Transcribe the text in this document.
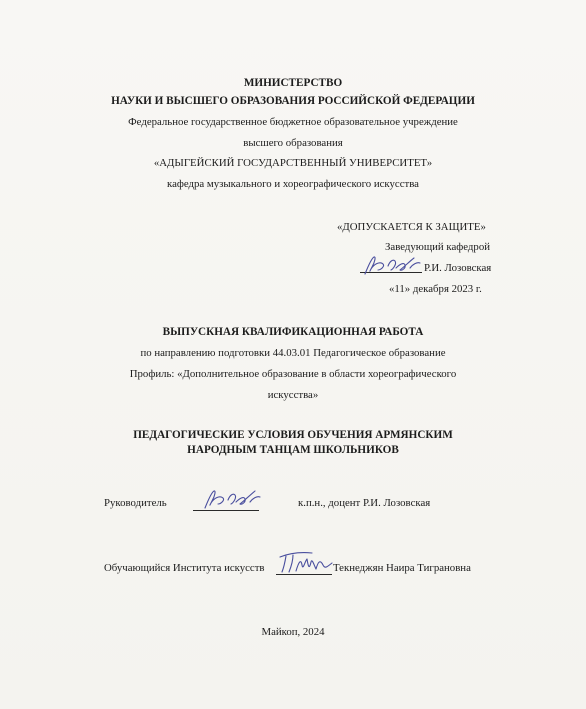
МИНИСТЕРСТВО
НАУКИ И ВЫСШЕГО ОБРАЗОВАНИЯ РОССИЙСКОЙ ФЕДЕРАЦИИ
Федеральное государственное бюджетное образовательное учреждение
высшего образования
«АДЫГЕЙСКИЙ ГОСУДАРСТВЕННЫЙ УНИВЕРСИТЕТ»
кафедра музыкального и хореографического искусства
«ДОПУСКАЕТСЯ К ЗАЩИТЕ»
Заведующий кафедрой
Р.И. Лозовская
«11» декабря 2023 г.
ВЫПУСКНАЯ КВАЛИФИКАЦИОННАЯ РАБОТА
по направлению подготовки 44.03.01 Педагогическое образование
Профиль: «Дополнительное образование в области хореографического
искусства»
ПЕДАГОГИЧЕСКИЕ УСЛОВИЯ ОБУЧЕНИЯ АРМЯНСКИМ
НАРОДНЫМ ТАНЦАМ ШКОЛЬНИКОВ
Руководитель	к.п.н., доцент Р.И. Лозовская
Обучающийся Института искусств	Текнеджян Наира Тиграновна
Майкоп, 2024
